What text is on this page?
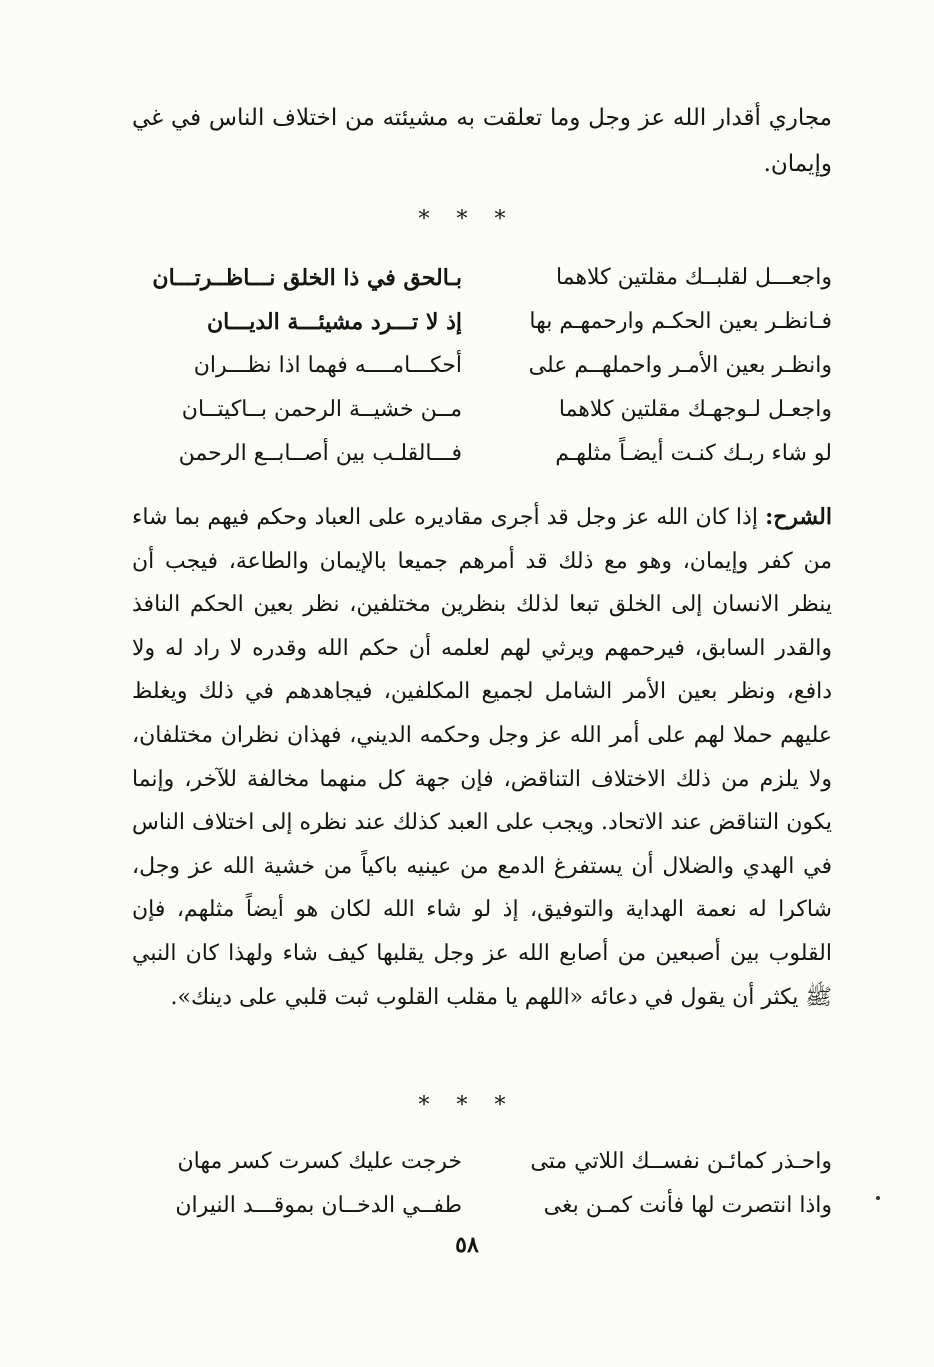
مجاري أقدار الله عز وجل وما تعلقت به مشيئته من اختلاف الناس في غي وإيمان.

* * *
واجعـــل لقلبــك مقلتين كلاهما
بـالحق في ذا الخلق نـــاظــرتـــان
فـانظـر بعين الحكـم وارحمهـم بها
إذ لا تـــرد مشيئـــة الديـــان
وانظـر بعين الأمـر واحملهــم على
أحكـــامــــه فهما اذا نظـــران
واجعـل لـوجهـك مقلتين كلاهما
مــن خشيــة الرحمن بــاكيتــان
لو شاء ربـك كنـت أيضـاً مثلهـم
فـــالقلـب بين أصــابــع الرحمن

الشرح: إذا كان الله عز وجل قد أجرى مقاديره على العباد وحكم فيهم بما شاء من كفر وإيمان، وهو مع ذلك قد أمرهم جميعا بالإيمان والطاعة، فيجب أن ينظر الانسان إلى الخلق تبعا لذلك بنظرين مختلفين، نظر بعين الحكم النافذ والقدر السابق، فيرحمهم ويرثي لهم لعلمه أن حكم الله وقدره لا راد له ولا دافع، ونظر بعين الأمر الشامل لجميع المكلفين، فيجاهدهم في ذلك ويغلظ عليهم حملا لهم على أمر الله عز وجل وحكمه الديني، فهذان نظران مختلفان، ولا يلزم من ذلك الاختلاف التناقض، فإن جهة كل منهما مخالفة للآخر، وإنما يكون التناقض عند الاتحاد. ويجب على العبد كذلك عند نظره إلى اختلاف الناس في الهدي والضلال أن يستفرغ الدمع من عينيه باكياً من خشية الله عز وجل، شاكرا له نعمة الهداية والتوفيق، إذ لو شاء الله لكان هو أيضاً مثلهم، فإن القلوب بين أصبعين من أصابع الله عز وجل يقلبها كيف شاء ولهذا كان النبي ﷺ يكثر أن يقول في دعائه «اللهم يا مقلب القلوب ثبت قلبي على دينك».

* * *
واحـذر كمائـن نفســك اللاتي متى
خرجت عليك كسرت كسر مهان
واذا انتصرت لها فأنت كمـن بغى
طفــي الدخــان بموقـــد النيران
٥٨
